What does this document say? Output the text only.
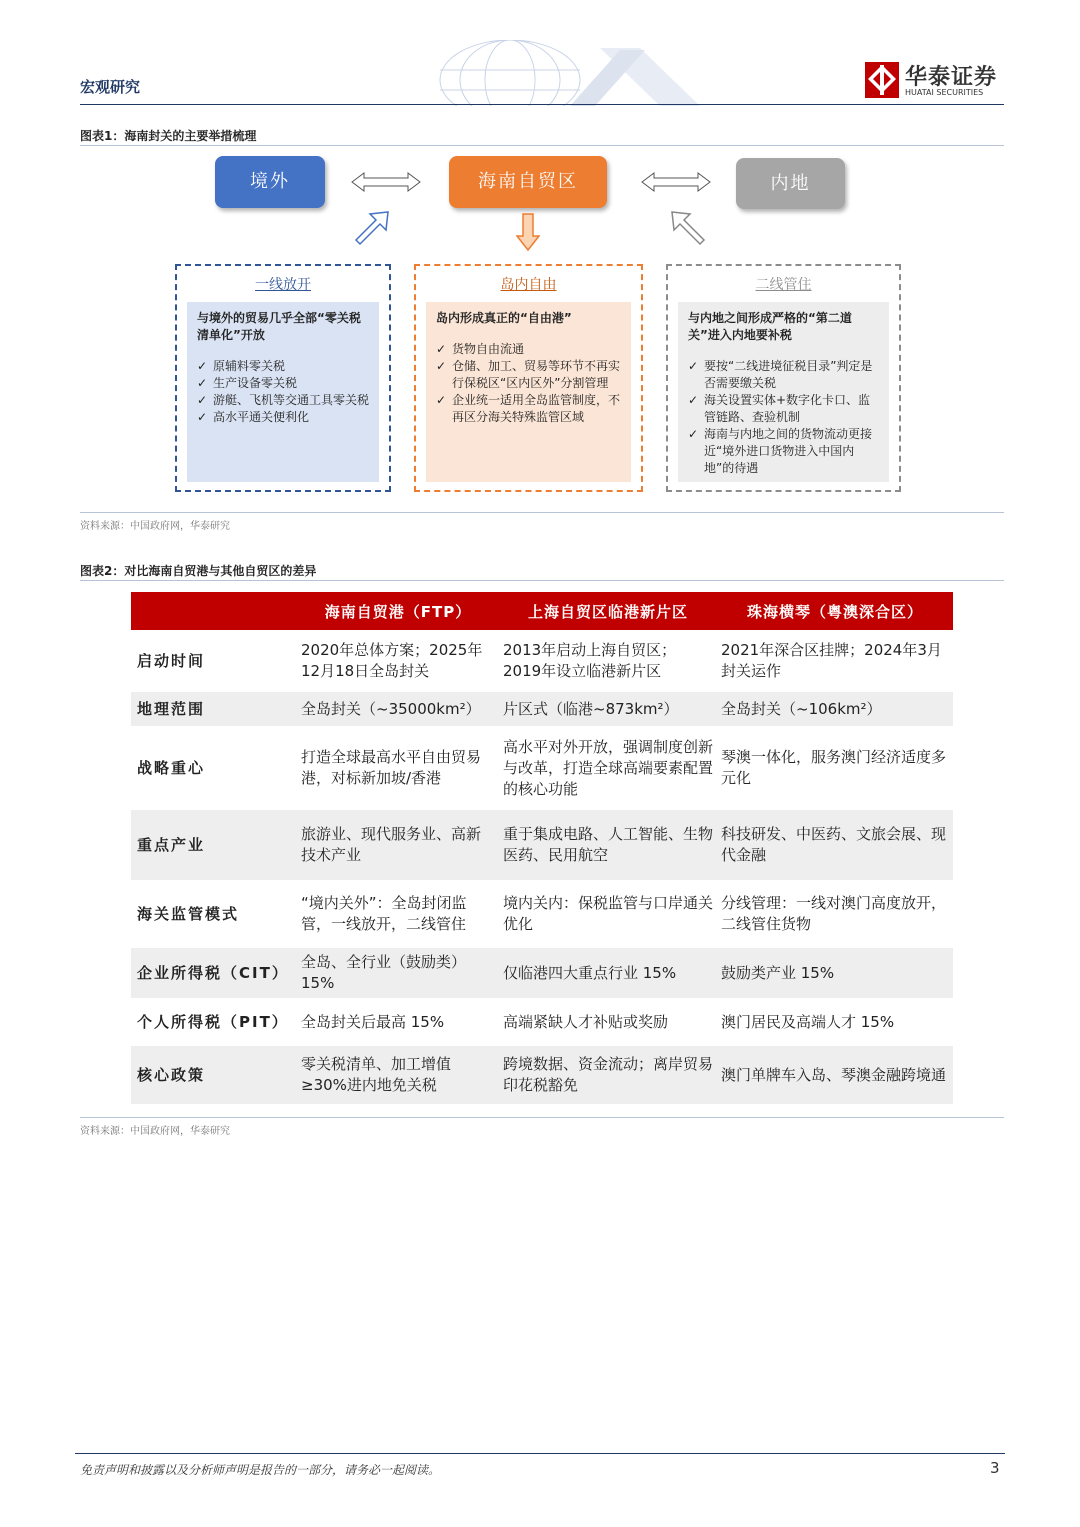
宏观研究	华泰证券
HUATAI SECURITIES
图表1：海南封关的主要举措梳理
境外	海南自贸区	内地
一线放开
与境外的贸易几乎全部“零关税清单化”开放
✓ 原辅料零关税
✓ 生产设备零关税
✓ 游艇、飞机等交通工具零关税
✓ 高水平通关便利化
岛内自由
岛内形成真正的“自由港”
✓ 货物自由流通
✓ 仓储、加工、贸易等环节不再实行保税区“区内区外”分割管理
✓ 企业统一适用全岛监管制度，不再区分海关特殊监管区域
二线管住
与内地之间形成严格的“第二道关”进入内地要补税
✓ 要按“二线进境征税目录”判定是否需要缴关税
✓ 海关设置实体+数字化卡口、监管链路、查验机制
✓ 海南与内地之间的货物流动更接近“境外进口货物进入中国内地”的待遇
资料来源：中国政府网，华泰研究
图表2：对比海南自贸港与其他自贸区的差异
	海南自贸港（FTP）	上海自贸区临港新片区	珠海横琴（粤澳深合区）
启动时间	2020年总体方案；2025年12月18日全岛封关	2013年启动上海自贸区；2019年设立临港新片区	2021年深合区挂牌；2024年3月封关运作
地理范围	全岛封关（~35000km²）	片区式（临港~873km²）	全岛封关（~106km²）
战略重心	打造全球最高水平自由贸易港，对标新加坡/香港	高水平对外开放，强调制度创新与改革，打造全球高端要素配置的核心功能	琴澳一体化，服务澳门经济适度多元化
重点产业	旅游业、现代服务业、高新技术产业	重于集成电路、人工智能、生物医药、民用航空	科技研发、中医药、文旅会展、现代金融
海关监管模式	“境内关外”：全岛封闭监管，一线放开，二线管住	境内关内：保税监管与口岸通关优化	分线管理：一线对澳门高度放开，二线管住货物
企业所得税（CIT）	全岛、全行业（鼓励类）15%	仅临港四大重点行业 15%	鼓励类产业 15%
个人所得税（PIT）	全岛封关后最高 15%	高端紧缺人才补贴或奖励	澳门居民及高端人才 15%
核心政策	零关税清单、加工增值≥30%进内地免关税	跨境数据、资金流动；离岸贸易印花税豁免	澳门单牌车入岛、琴澳金融跨境通
资料来源：中国政府网，华泰研究
免责声明和披露以及分析师声明是报告的一部分，请务必一起阅读。	3
